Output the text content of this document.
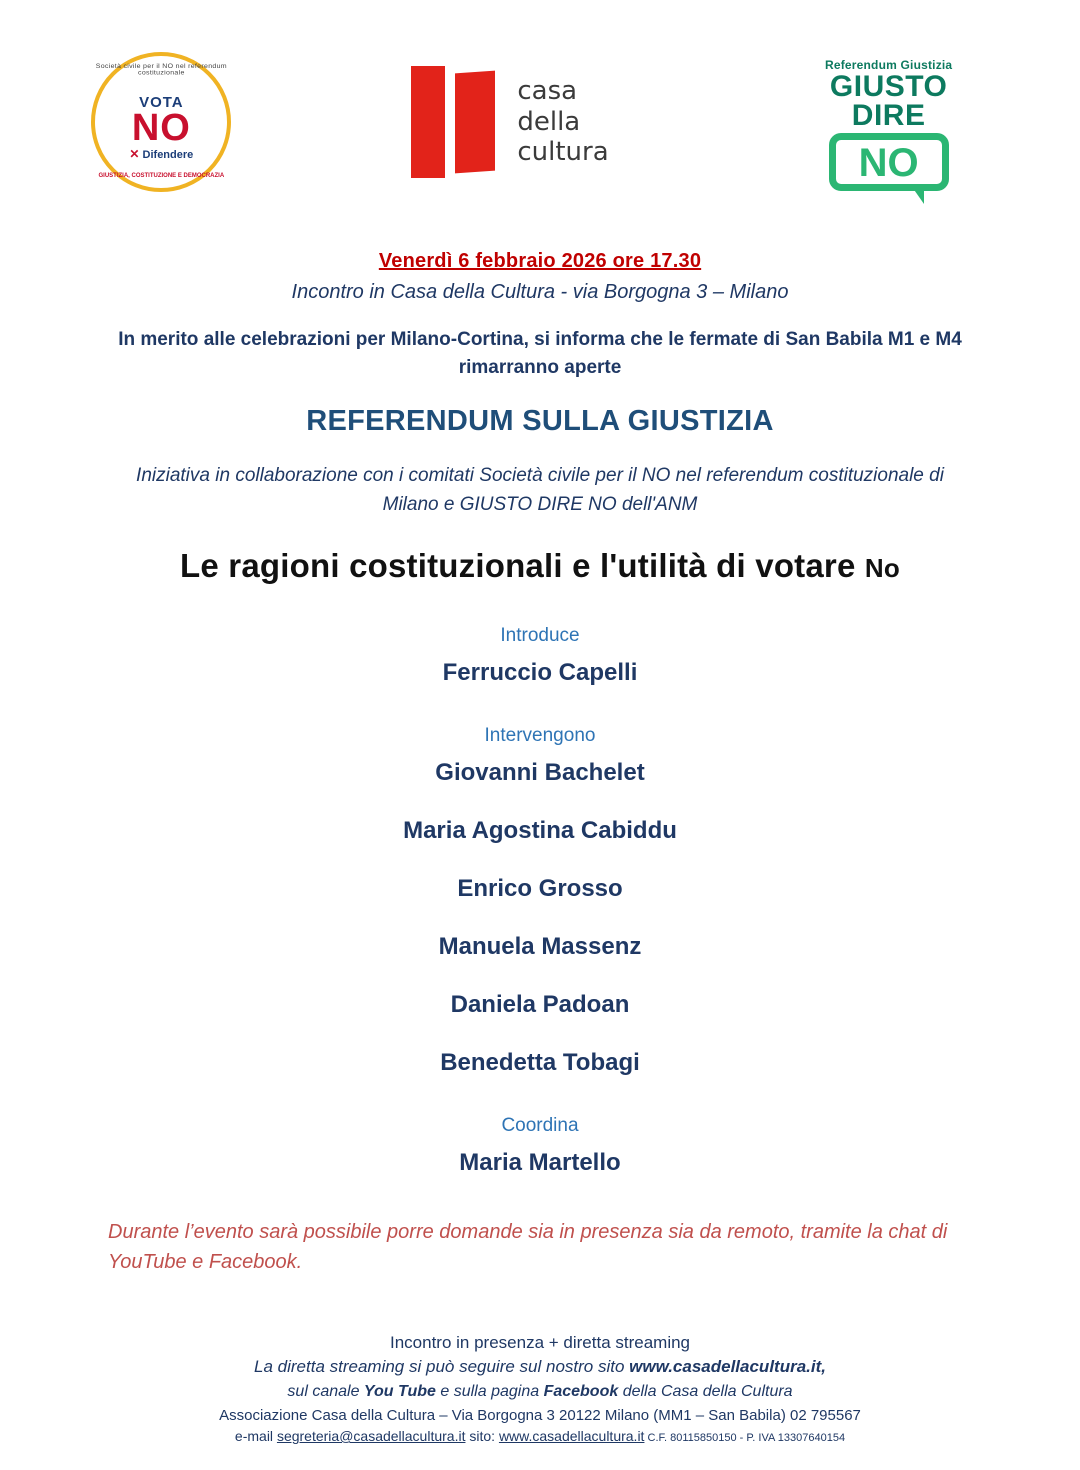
Società civile per il NO nel referendum costituzionale
VOTA
NO
✕ Difendere
GIUSTIZIA, COSTITUZIONE E DEMOCRAZIA
casa
della
cultura
Referendum Giustizia
GIUSTO
DIRE
NO
Venerdì 6 febbraio 2026 ore 17.30
Incontro in Casa della Cultura - via Borgogna 3 – Milano
In merito alle celebrazioni per Milano-Cortina, si informa che le fermate di San Babila M1 e M4 rimarranno aperte
REFERENDUM SULLA GIUSTIZIA
Iniziativa in collaborazione con i comitati Società civile per il NO nel referendum costituzionale di Milano e GIUSTO DIRE NO dell'ANM
Le ragioni costituzionali e l'utilità di votare No
Introduce
Ferruccio Capelli
Intervengono
Giovanni Bachelet
Maria Agostina Cabiddu
Enrico Grosso
Manuela Massenz
Daniela Padoan
Benedetta Tobagi
Coordina
Maria Martello
Durante l’evento sarà possibile porre domande sia in presenza sia da remoto, tramite la chat di YouTube e Facebook.
Incontro in presenza + diretta streaming
La diretta streaming si può seguire sul nostro sito www.casadellacultura.it,
sul canale You Tube e sulla pagina Facebook della Casa della Cultura
Associazione Casa della Cultura – Via Borgogna 3 20122 Milano (MM1 – San Babila) 02 795567
e-mail segreteria@casadellacultura.it sito: www.casadellacultura.it C.F. 80115850150 - P. IVA 13307640154
